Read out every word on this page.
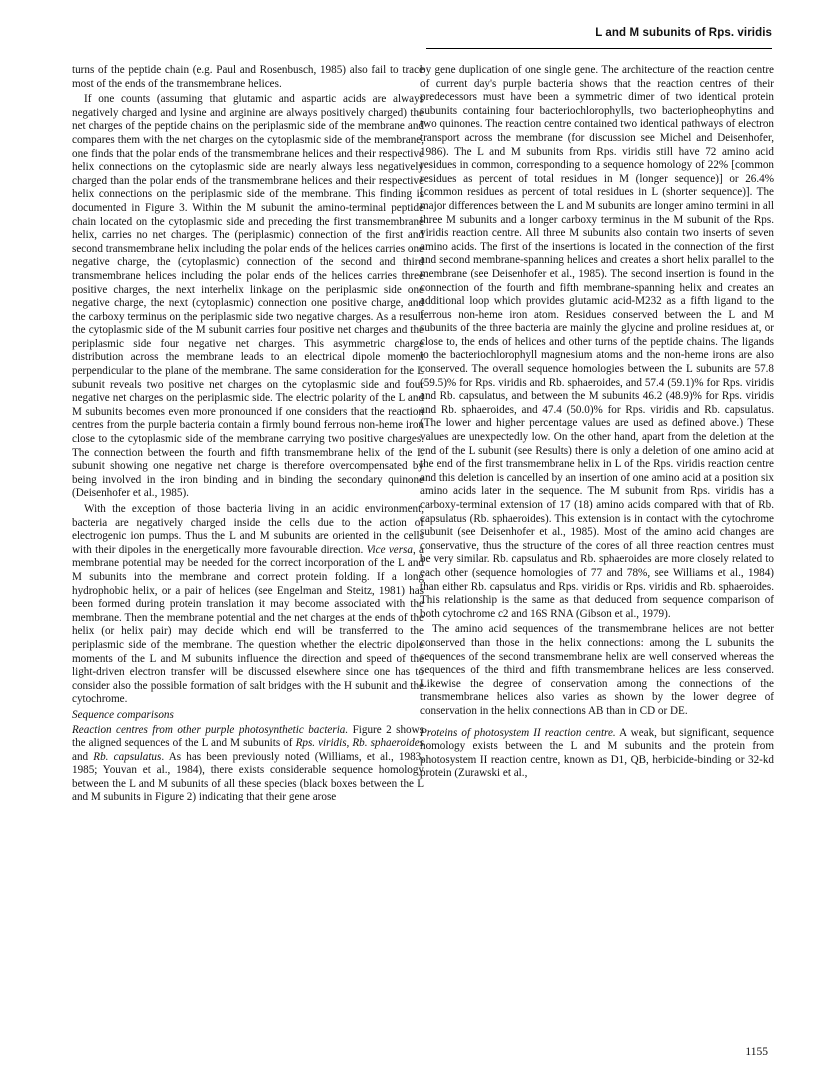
L and M subunits of Rps. viridis

turns of the peptide chain (e.g. Paul and Rosenbusch, 1985) also fail to trace most of the ends of the transmembrane helices.

If one counts (assuming that glutamic and aspartic acids are always negatively charged and lysine and arginine are always positively charged) the net charges of the peptide chains on the periplasmic side of the membrane and compares them with the net charges on the cytoplasmic side of the membrane, one finds that the polar ends of the transmembrane helices and their respective helix connections on the cytoplasmic side are nearly always less negatively charged than the polar ends of the transmembrane helices and their respective helix connections on the periplasmic side of the membrane. This finding is documented in Figure 3. Within the M subunit the amino-terminal peptide chain located on the cytoplasmic side and preceding the first transmembrane helix, carries no net charges. The (periplasmic) connection of the first and second transmembrane helix including the polar ends of the helices carries one negative charge, the (cytoplasmic) connection of the second and third transmembrane helices including the polar ends of the helices carries three positive charges, the next interhelix linkage on the periplasmic side one negative charge, the next (cytoplasmic) connection one positive charge, and the carboxy terminus on the periplasmic side two negative charges. As a result the cytoplasmic side of the M subunit carries four positive net charges and the periplasmic side four negative net charges. This asymmetric charge distribution across the membrane leads to an electrical dipole moment perpendicular to the plane of the membrane. The same consideration for the L subunit reveals two positive net charges on the cytoplasmic side and four negative net charges on the periplasmic side. The electric polarity of the L and M subunits becomes even more pronounced if one considers that the reaction centres from the purple bacteria contain a firmly bound ferrous non-heme iron close to the cytoplasmic side of the membrane carrying two positive charges. The connection between the fourth and fifth transmembrane helix of the L subunit showing one negative net charge is therefore overcompensated by being involved in the iron binding and in binding the secondary quinone (Deisenhofer et al., 1985).

With the exception of those bacteria living in an acidic environment, bacteria are negatively charged inside the cells due to the action of electrogenic ion pumps. Thus the L and M subunits are oriented in the cells with their dipoles in the energetically more favourable direction. Vice versa, a membrane potential may be needed for the correct incorporation of the L and M subunits into the membrane and correct protein folding. If a long hydrophobic helix, or a pair of helices (see Engelman and Steitz, 1981) has been formed during protein translation it may become associated with the membrane. Then the membrane potential and the net charges at the ends of the helix (or helix pair) may decide which end will be transferred to the periplasmic side of the membrane. The question whether the electric dipole moments of the L and M subunits influence the direction and speed of the light-driven electron transfer will be discussed elsewhere since one has to consider also the possible formation of salt bridges with the H subunit and the cytochrome.

Sequence comparisons

Reaction centres from other purple photosynthetic bacteria. Figure 2 shows the aligned sequences of the L and M subunits of Rps. viridis, Rb. sphaeroides and Rb. capsulatus. As has been previously noted (Williams, et al., 1983, 1985; Youvan et al., 1984), there exists considerable sequence homology between the L and M subunits of all these species (black boxes between the L and M subunits in Figure 2) indicating that their gene arose

by gene duplication of one single gene. The architecture of the reaction centre of current day's purple bacteria shows that the reaction centres of their predecessors must have been a symmetric dimer of two identical protein subunits containing four bacteriochlorophylls, two bacteriopheophytins and two quinones. The reaction centre contained two identical pathways of electron transport across the membrane (for discussion see Michel and Deisenhofer, 1986). The L and M subunits from Rps. viridis still have 72 amino acid residues in common, corresponding to a sequence homology of 22% [common residues as percent of total residues in M (longer sequence)] or 26.4% [common residues as percent of total residues in L (shorter sequence)]. The major differences between the L and M subunits are longer amino termini in all three M subunits and a longer carboxy terminus in the M subunit of the Rps. viridis reaction centre. All three M subunits also contain two inserts of seven amino acids. The first of the insertions is located in the connection of the first and second membrane-spanning helices and creates a short helix parallel to the membrane (see Deisenhofer et al., 1985). The second insertion is found in the connection of the fourth and fifth membrane-spanning helix and creates an additional loop which provides glutamic acid-M232 as a fifth ligand to the ferrous non-heme iron atom. Residues conserved between the L and M subunits of the three bacteria are mainly the glycine and proline residues at, or close to, the ends of helices and other turns of the peptide chains. The ligands to the bacteriochlorophyll magnesium atoms and the non-heme irons are also conserved. The overall sequence homologies between the L subunits are 57.8 (59.5)% for Rps. viridis and Rb. sphaeroides, and 57.4 (59.1)% for Rps. viridis and Rb. capsulatus, and between the M subunits 46.2 (48.9)% for Rps. viridis and Rb. sphaeroides, and 47.4 (50.0)% for Rps. viridis and Rb. capsulatus. (The lower and higher percentage values are used as defined above.) These values are unexpectedly low. On the other hand, apart from the deletion at the end of the L subunit (see Results) there is only a deletion of one amino acid at the end of the first transmembrane helix in L of the Rps. viridis reaction centre and this deletion is cancelled by an insertion of one amino acid at a position six amino acids later in the sequence. The M subunit from Rps. viridis has a carboxy-terminal extension of 17 (18) amino acids compared with that of Rb. capsulatus (Rb. sphaeroides). This extension is in contact with the cytochrome subunit (see Deisenhofer et al., 1985). Most of the amino acid changes are conservative, thus the structure of the cores of all three reaction centres must be very similar. Rb. capsulatus and Rb. sphaeroides are more closely related to each other (sequence homologies of 77 and 78%, see Williams et al., 1984) than either Rb. capsulatus and Rps. viridis or Rps. viridis and Rb. sphaeroides. This relationship is the same as that deduced from sequence comparison of both cytochrome c2 and 16S RNA (Gibson et al., 1979).

The amino acid sequences of the transmembrane helices are not better conserved than those in the helix connections: among the L subunits the sequences of the second transmembrane helix are well conserved whereas the sequences of the third and fifth transmembrane helices are less conserved. Likewise the degree of conservation among the connections of the transmembrane helices also varies as shown by the lower degree of conservation in the helix connections AB than in CD or DE.

Proteins of photosystem II reaction centre. A weak, but significant, sequence homology exists between the L and M subunits and the protein from photosystem II reaction centre, known as D1, QB, herbicide-binding or 32-kd protein (Zurawski et al.,

1155
